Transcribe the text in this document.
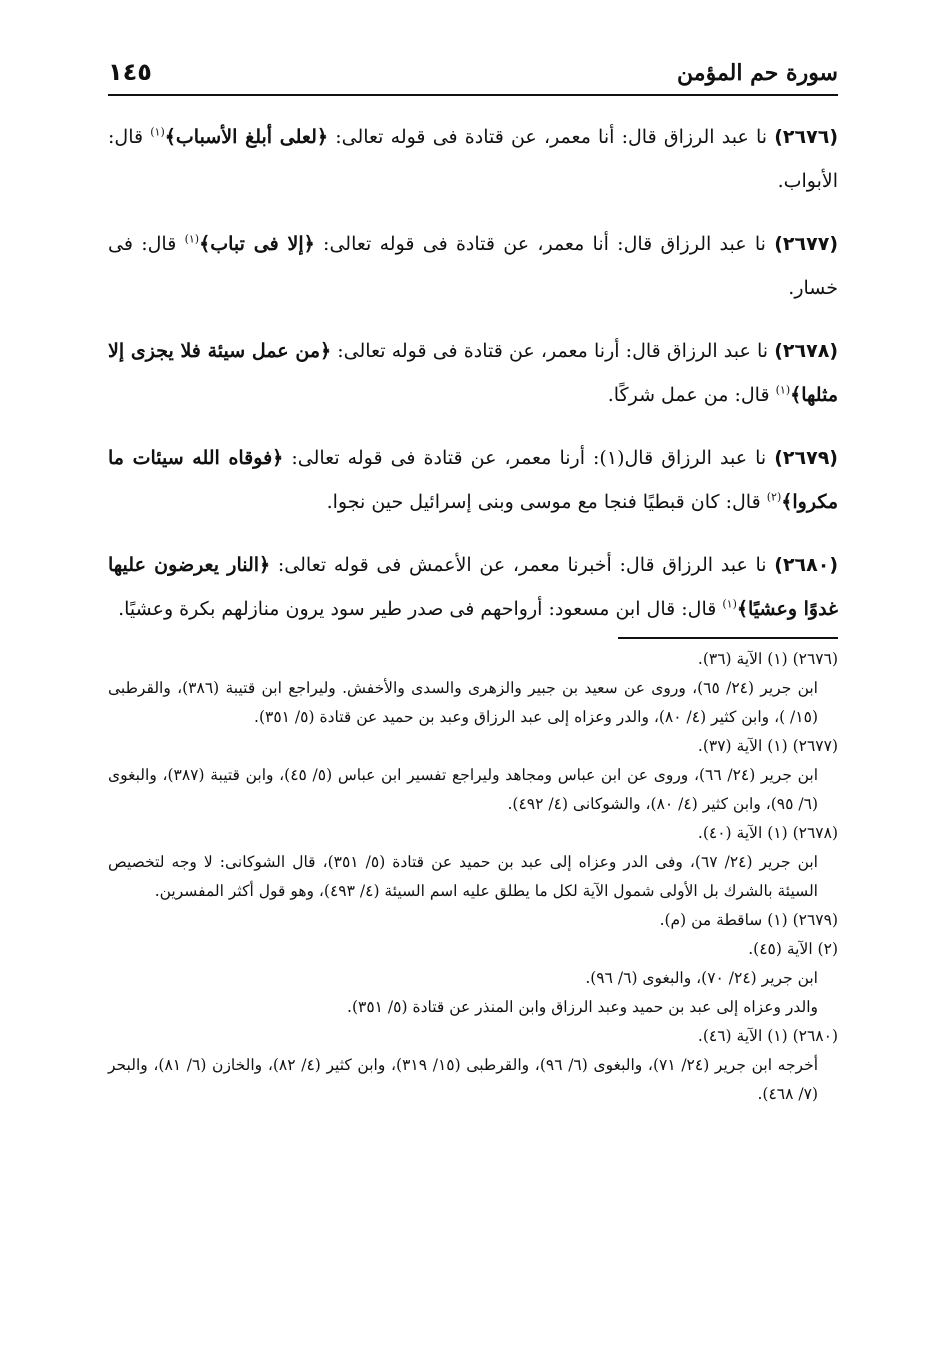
سورة حم المؤمن
١٤٥

(٢٦٧٦) نا عبد الرزاق قال: أنا معمر، عن قتادة فى قوله تعالى: ﴿لعلى أبلغ الأسباب﴾$^{(١)}$ قال: الأبواب.

(٢٦٧٧) نا عبد الرزاق قال: أنا معمر، عن قتادة فى قوله تعالى: ﴿إلا فى تباب﴾$^{(١)}$ قال: فى خسار.

(٢٦٧٨) نا عبد الرزاق قال: أرنا معمر، عن قتادة فى قوله تعالى: ﴿من عمل سيئة فلا يجزى إلا مثلها﴾$^{(١)}$ قال: من عمل شركًا.

(٢٦٧٩) نا عبد الرزاق قال(١): أرنا معمر، عن قتادة فى قوله تعالى: ﴿فوقاه الله سيئات ما مكروا﴾$^{(٢)}$ قال: كان قبطيًا فنجا مع موسى وبنى إسرائيل حين نجوا.

(٢٦٨٠) نا عبد الرزاق قال: أخبرنا معمر، عن الأعمش فى قوله تعالى: ﴿النار يعرضون عليها غدوًا وعشيًا﴾$^{(١)}$ قال: قال ابن مسعود: أرواحهم فى صدر طير سود يرون منازلهم بكرة وعشيًا.

(٢٦٧٦) (١) الآية (٣٦).
ابن جرير (٢٤/ ٦٥)، وروى عن سعيد بن جبير والزهرى والسدى والأخفش. وليراجع ابن قتيبة (٣٨٦)، والقرطبى (١٥/ )، وابن كثير (٤/ ٨٠)، والدر وعزاه إلى عبد الرزاق وعبد بن حميد عن قتادة (٥/ ٣٥١).
(٢٦٧٧) (١) الآية (٣٧).
ابن جرير (٢٤/ ٦٦)، وروى عن ابن عباس ومجاهد وليراجع تفسير ابن عباس (٥/ ٤٥)، وابن قتيبة (٣٨٧)، والبغوى (٦/ ٩٥)، وابن كثير (٤/ ٨٠)، والشوكانى (٤/ ٤٩٢).
(٢٦٧٨) (١) الآية (٤٠).
ابن جرير (٢٤/ ٦٧)، وفى الدر وعزاه إلى عبد بن حميد عن قتادة (٥/ ٣٥١)، قال الشوكانى: لا وجه لتخصيص السيئة بالشرك بل الأولى شمول الآية لكل ما يطلق عليه اسم السيئة (٤/ ٤٩٣)، وهو قول أكثر المفسرين.
(٢٦٧٩) (١) ساقطة من (م).
(٢) الآية (٤٥).
ابن جرير (٢٤/ ٧٠)، والبغوى (٦/ ٩٦).
والدر وعزاه إلى عبد بن حميد وعبد الرزاق وابن المنذر عن قتادة (٥/ ٣٥١).
(٢٦٨٠) (١) الآية (٤٦).
أخرجه ابن جرير (٢٤/ ٧١)، والبغوى (٦/ ٩٦)، والقرطبى (١٥/ ٣١٩)، وابن كثير (٤/ ٨٢)، والخازن (٦/ ٨١)، والبحر (٧/ ٤٦٨).
